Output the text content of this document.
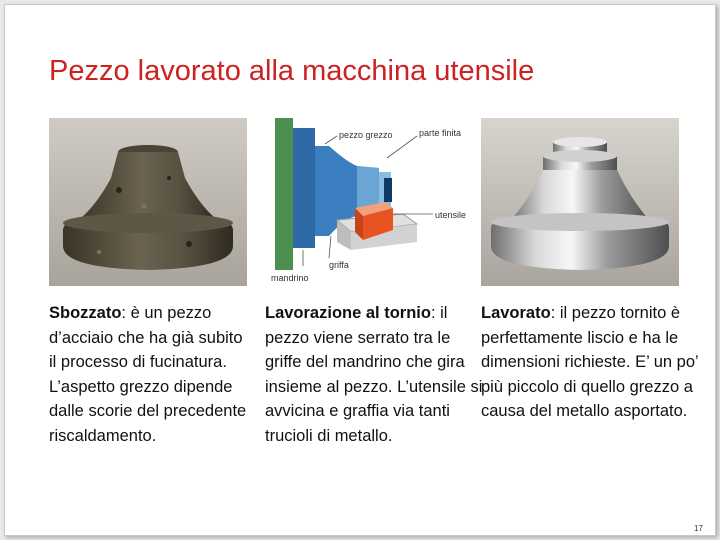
Pezzo lavorato alla macchina utensile
pezzo grezzo	parte finita
utensile
mandrino
griffa
Sbozzato: è un pezzo d’acciaio che ha già subito il processo di fucinatura. L’aspetto grezzo dipende dalle scorie del precedente riscaldamento.
Lavorazione al tornio: il pezzo viene serrato tra le griffe del mandrino che gira insieme al pezzo. L’utensile si avvicina e graffia via tanti trucioli di metallo.
Lavorato: il pezzo tornito è perfettamente liscio e ha le dimensioni richieste. E’ un po’ più piccolo di quello grezzo a causa del metallo asportato.
17
